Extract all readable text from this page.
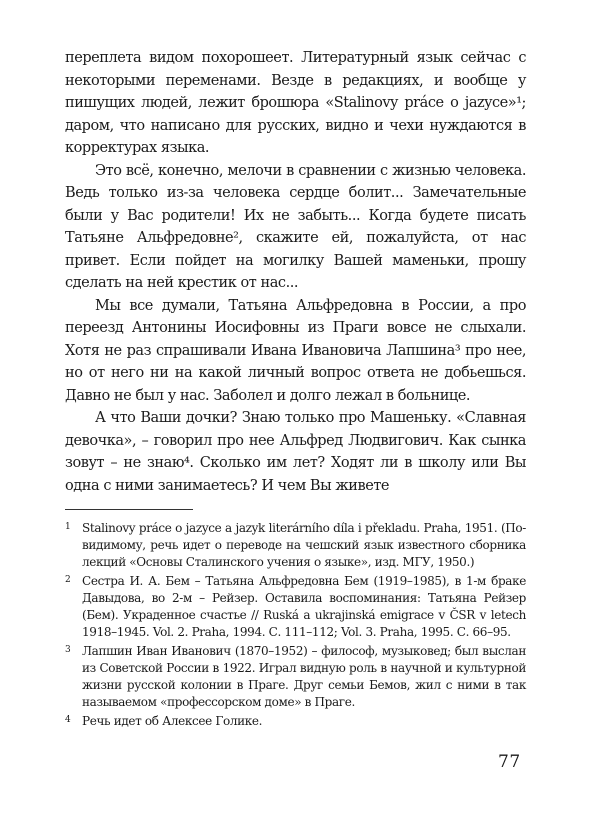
переплета видом похорошеет. Литературный язык сейчас с некоторыми переменами. Везде в редакциях, и вообще у пишущих людей, лежит брошюра «Stalinovy práce o jazyce»¹; даром, что написано для русских, видно и чехи нуждаются в корректурах языка.

Это всё, конечно, мелочи в сравнении с жизнью человека. Ведь только из-за человека сердце болит... Замечательные были у Вас родители! Их не забыть... Когда будете писать Татьяне Альфредовне², скажите ей, пожалуйста, от нас привет. Если пойдет на могилку Вашей маменьки, прошу сделать на ней крестик от нас...

Мы все думали, Татьяна Альфредовна в России, а про переезд Антонины Иосифовны из Праги вовсе не слыхали. Хотя не раз спрашивали Ивана Ивановича Лапшина³ про нее, но от него ни на какой личный вопрос ответа не добьешься. Давно не был у нас. Заболел и долго лежал в больнице.

А что Ваши дочки? Знаю только про Машеньку. «Славная девочка», – говорил про нее Альфред Людвигович. Как сынка зовут – не знаю⁴. Сколько им лет? Ходят ли в школу или Вы одна с ними занимаетесь? И чем Вы живете

1 Stalinovy práce o jazyce a jazyk literárního díla i překladu. Praha, 1951. (По-видимому, речь идет о переводе на чешский язык известного сборника лекций «Основы Сталинского учения о языке», изд. МГУ, 1950.)
2 Сестра И. А. Бем – Татьяна Альфредовна Бем (1919–1985), в 1-м браке Давыдова, во 2-м – Рейзер. Оставила воспоминания: Татьяна Рейзер (Бем). Украденное счастье // Ruská a ukrajinská emigrace v ČSR v letech 1918–1945. Vol. 2. Praha, 1994. С. 111–112; Vol. 3. Praha, 1995. С. 66–95.
3 Лапшин Иван Иванович (1870–1952) – философ, музыковед; был выслан из Советской России в 1922. Играл видную роль в научной и культурной жизни русской колонии в Праге. Друг семьи Бемов, жил с ними в так называемом «профессорском доме» в Праге.
4 Речь идет об Алексее Голике.
77
